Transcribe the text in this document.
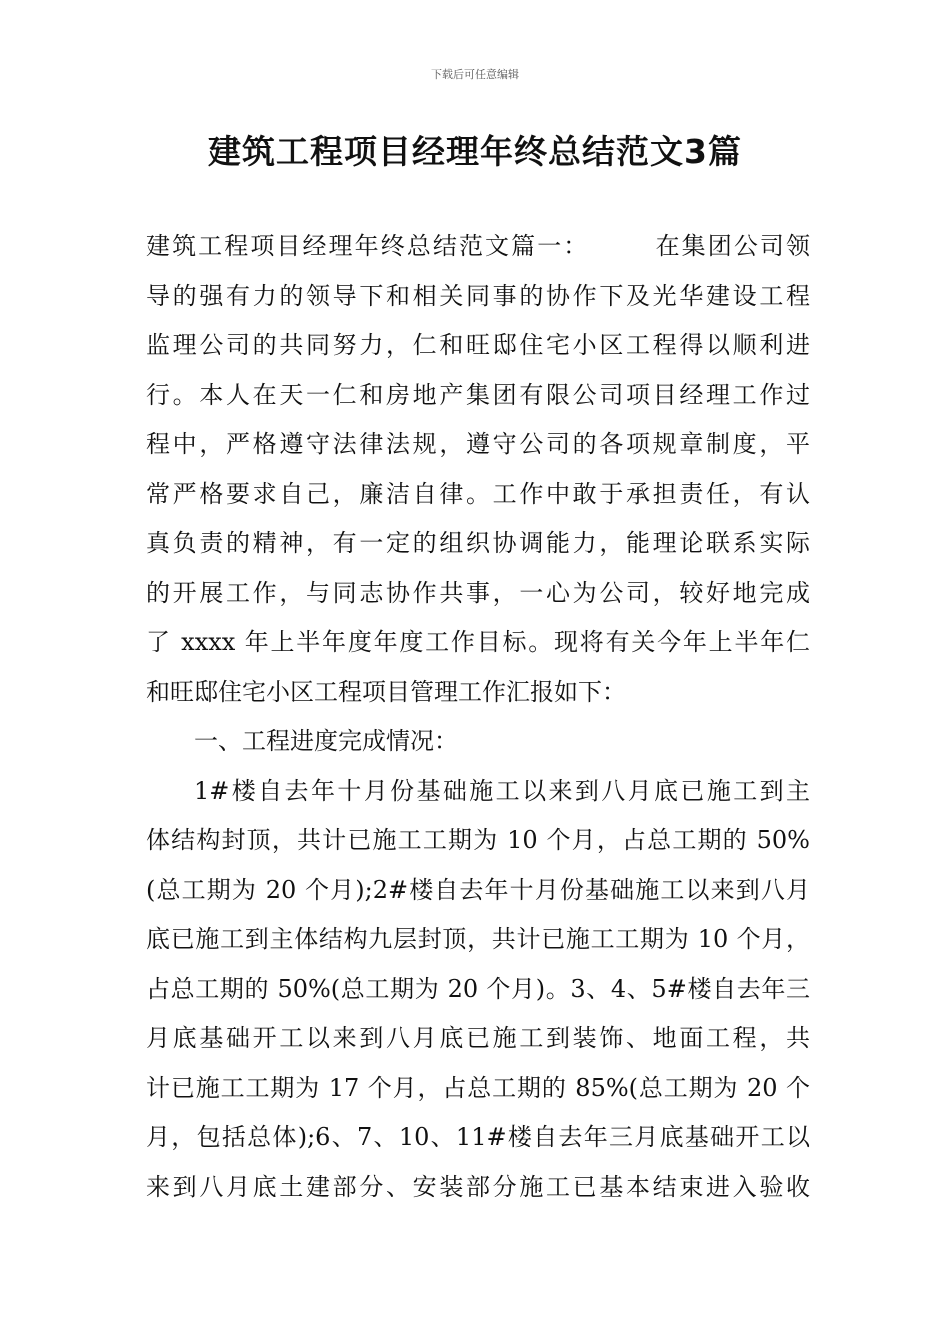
下载后可任意编辑
建筑工程项目经理年终总结范文3篇
建筑工程项目经理年终总结范文篇一：　　　在集团公司领
导的强有力的领导下和相关同事的协作下及光华建设工程
监理公司的共同努力，仁和旺邸住宅小区工程得以顺利进
行。本人在天一仁和房地产集团有限公司项目经理工作过
程中，严格遵守法律法规，遵守公司的各项规章制度，平
常严格要求自己，廉洁自律。工作中敢于承担责任，有认
真负责的精神，有一定的组织协调能力，能理论联系实际
的开展工作，与同志协作共事，一心为公司，较好地完成
了 xxxx 年上半年度年度工作目标。现将有关今年上半年仁
和旺邸住宅小区工程项目管理工作汇报如下：
一、工程进度完成情况：
1#楼自去年十月份基础施工以来到八月底已施工到主
体结构封顶，共计已施工工期为 10 个月，占总工期的 50%
(总工期为 20 个月);2#楼自去年十月份基础施工以来到八月
底已施工到主体结构九层封顶，共计已施工工期为 10 个月，
占总工期的 50%(总工期为 20 个月)。3、4、5#楼自去年三
月底基础开工以来到八月底已施工到装饰、地面工程，共
计已施工工期为 17 个月，占总工期的 85%(总工期为 20 个
月，包括总体);6、7、10、11#楼自去年三月底基础开工以
来到八月底土建部分、安装部分施工已基本结束进入验收
